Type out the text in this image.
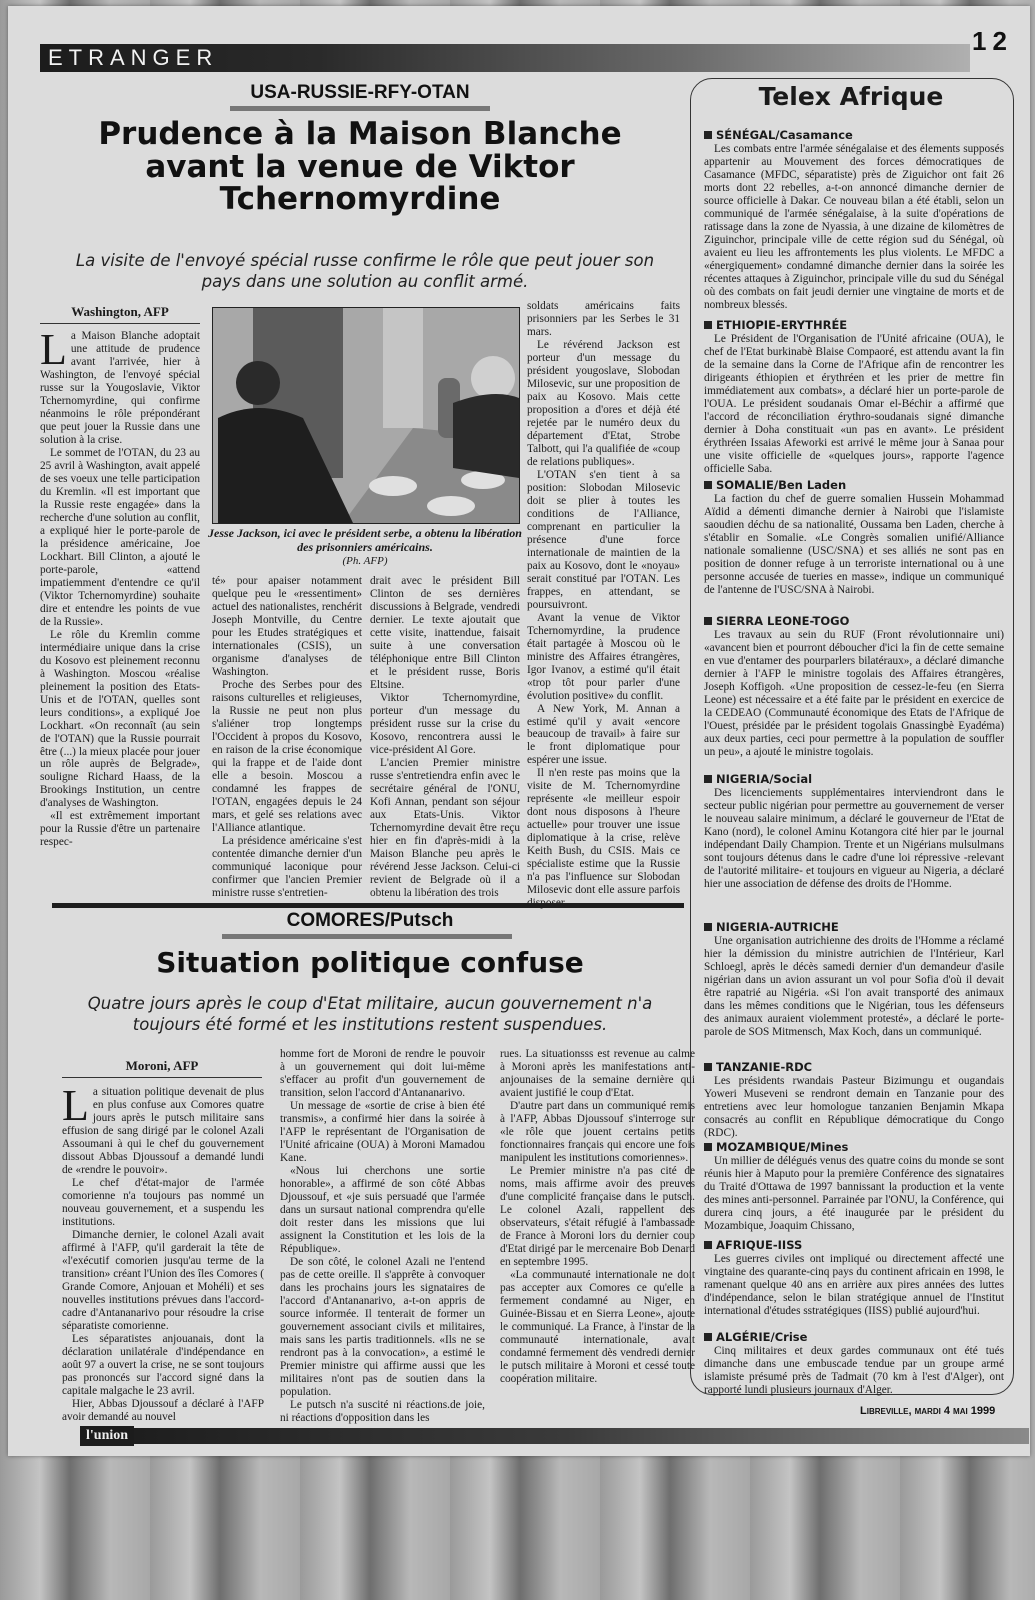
ETRANGER
12
USA-RUSSIE-RFY-OTAN
Prudence à la Maison Blanche avant la venue de Viktor Tchernomyrdine
La visite de l'envoyé spécial russe confirme le rôle que peut jouer son pays dans une solution au conflit armé.
Washington, AFP

La Maison Blanche adoptait une attitude de prudence avant l'arrivée, hier à Washington, de l'envoyé spécial russe sur la Yougoslavie, Viktor Tchernomyrdine, qui confirme néanmoins le rôle prépondérant que peut jouer la Russie dans une solution à la crise.

Le sommet de l'OTAN, du 23 au 25 avril à Washington, avait appelé de ses voeux une telle participation du Kremlin. «Il est important que la Russie reste engagée» dans la recherche d'une solution au conflit, a expliqué hier le porte-parole de la présidence américaine, Joe Lockhart. Bill Clinton, a ajouté le porte-parole, «attend impatiemment d'entendre ce qu'il (Viktor Tchernomyrdine) souhaite dire et entendre les points de vue de la Russie».

Le rôle du Kremlin comme intermédiaire unique dans la crise du Kosovo est pleinement reconnu à Washington. Moscou «réalise pleinement la position des Etats-Unis et de l'OTAN, quelles sont leurs conditions», a expliqué Joe Lockhart. «On reconnaît (au sein de l'OTAN) que la Russie pourrait être (...) la mieux placée pour jouer un rôle auprès de Belgrade», souligne Richard Haass, de la Brookings Institution, un centre d'analyses de Washington.

«Il est extrêmement important pour la Russie d'être un partenaire respec-

Jesse Jackson, ici avec le président serbe, a obtenu la libération des prisonniers américains.
(Ph. AFP)

té» pour apaiser notamment quelque peu le «ressentiment» actuel des nationalistes, renchérit Joseph Montville, du Centre pour les Etudes stratégiques et internationales (CSIS), un organisme d'analyses de Washington.

Proche des Serbes pour des raisons culturelles et religieuses, la Russie ne peut non plus s'aliéner trop longtemps l'Occident à propos du Kosovo, en raison de la crise économique qui la frappe et de l'aide dont elle a besoin. Moscou a condamné les frappes de l'OTAN, engagées depuis le 24 mars, et gelé ses relations avec l'Alliance atlantique.

La présidence américaine s'est contentée dimanche dernier d'un communiqué laconique pour confirmer que l'ancien Premier ministre russe s'entretien-

drait avec le président Bill Clinton de ses dernières discussions à Belgrade, vendredi dernier. Le texte ajoutait que cette visite, inattendue, faisait suite à une conversation téléphonique entre Bill Clinton et le président russe, Boris Eltsine.

Viktor Tchernomyrdine, porteur d'un message du président russe sur la crise du Kosovo, rencontrera aussi le vice-président Al Gore.

L'ancien Premier ministre russe s'entretiendra enfin avec le secrétaire général de l'ONU, Kofi Annan, pendant son séjour aux Etats-Unis. Viktor Tchernomyrdine devait être reçu hier en fin d'après-midi à la Maison Blanche peu après le révérend Jesse Jackson. Celui-ci revient de Belgrade où il a obtenu la libération des trois

soldats américains faits prisonniers par les Serbes le 31 mars.

Le révérend Jackson est porteur d'un message du président yougoslave, Slobodan Milosevic, sur une proposition de paix au Kosovo. Mais cette proposition a d'ores et déjà été rejetée par le numéro deux du département d'Etat, Strobe Talbott, qui l'a qualifiée de «coup de relations publiques».

L'OTAN s'en tient à sa position: Slobodan Milosevic doit se plier à toutes les conditions de l'Alliance, comprenant en particulier la présence d'une force internationale de maintien de la paix au Kosovo, dont le «noyau» serait constitué par l'OTAN. Les frappes, en attendant, se poursuivront.

Avant la venue de Viktor Tchernomyrdine, la prudence était partagée à Moscou où le ministre des Affaires étrangères, Igor Ivanov, a estimé qu'il était «trop tôt pour parler d'une évolution positive» du conflit.

A New York, M. Annan a estimé qu'il y avait «encore beaucoup de travail» à faire sur le front diplomatique pour espérer une issue.

Il n'en reste pas moins que la visite de M. Tchernomyrdine représente «le meilleur espoir dont nous disposons à l'heure actuelle» pour trouver une issue diplomatique à la crise, relève Keith Bush, du CSIS. Mais ce spécialiste estime que la Russie n'a pas l'influence sur Slobodan Milosevic dont elle assure parfois

COMORES/Putsch
Situation politique confuse
Quatre jours après le coup d'Etat militaire, aucun gouvernement n'a toujours été formé et les institutions restent suspendues.
Moroni, AFP

La situation politique devenait de plus en plus confuse aux Comores quatre jours après le putsch militaire sans effusion de sang dirigé par le colonel Azali Assoumani à qui le chef du gouvernement dissout Abbas Djoussouf a demandé lundi de «rendre le pouvoir».

Le chef d'état-major de l'armée comorienne n'a toujours pas nommé un nouveau gouvernement, et a suspendu les institutions.

Dimanche dernier, le colonel Azali avait affirmé à l'AFP, qu'il garderait la tête de «l'exécutif comorien jusqu'au terme de la transition» créant l'Union des îles Comores ( Grande Comore, Anjouan et Mohéli) et ses nouvelles institutions prévues dans l'accord-cadre d'Antananarivo pour résoudre la crise séparatiste comorienne.

Les séparatistes anjouanais, dont la déclaration unilatérale d'indépendance en août 97 a ouvert la crise, ne se sont toujours pas prononcés sur l'accord signé dans la capitale malgache le 23 avril.

Hier, Abbas Djoussouf a déclaré à l'AFP avoir demandé au nouvel

homme fort de Moroni de rendre le pouvoir à un gouvernement qui doit lui-même s'effacer au profit d'un gouvernement de transition, selon l'accord d'Antananarivo.

Un message de «sortie de crise à bien été transmis», a confirmé hier dans la soirée à l'AFP le représentant de l'Organisation de l'Unité africaine (OUA) à Moroni Mamadou Kane.

«Nous lui cherchons une sortie honorable», a affirmé de son côté Abbas Djoussouf, et «je suis persuadé que l'armée dans un sursaut national comprendra qu'elle doit rester dans les missions que lui assignent la Constitution et les lois de la République».

De son côté, le colonel Azali ne l'entend pas de cette oreille. Il s'apprête à convoquer dans les prochains jours les signataires de l'accord d'Antananarivo, a-t-on appris de source informée. Il tenterait de former un gouvernement associant civils et militaires, mais sans les partis traditionnels. «Ils ne se rendront pas à la convocation», a estimé le Premier ministre qui affirme aussi que les militaires n'ont pas de soutien dans la population.

Le putsch n'a suscité ni réactions.de joie, ni réactions d'opposition dans les

rues. La situationsss est revenue au calme à Moroni après les manifestations anti-anjounaises de la semaine dernière qui avaient justifié le coup d'Etat.

D'autre part dans un communiqué remis à l'AFP, Abbas Djoussouf s'interroge sur «le rôle que jouent certains petits fonctionnaires français qui encore une fois manipulent les institutions comoriennes».

Le Premier ministre n'a pas cité de noms, mais affirme avoir des preuves d'une complicité française dans le putsch. Le colonel Azali, rappellent des observateurs, s'était réfugié à l'ambassade de France à Moroni lors du dernier coup d'Etat dirigé par le mercenaire Bob Denard en septembre 1995.

«La communauté internationale ne doit pas accepter aux Comores ce qu'elle a fermement condamné au Niger, en Guinée-Bissau et en Sierra Leone», ajoute le communiqué. La France, à l'instar de la communauté internationale, avait condamné fermement dès vendredi dernier le putsch militaire à Moroni et cessé toute coopération militaire.

Telex Afrique

SÉNÉGAL/Casamance

Les combats entre l'armée sénégalaise et des élements supposés appartenir au Mouvement des forces démocratiques de Casamance (MFDC, séparatiste) près de Ziguichor ont fait 26 morts dont 22 rebelles, a-t-on annoncé dimanche dernier de source officielle à Dakar. Ce nouveau bilan a été établi, selon un communiqué de l'armée sénégalaise, à la suite d'opérations de ratissage dans la zone de Nyassia, à une dizaine de kilomètres de Ziguinchor, principale ville de cette région sud du Sénégal, où avaient eu lieu les affrontements les plus violents. Le MFDC a «énergiquement» condamné dimanche dernier dans la soirée les récentes attaques à Ziguinchor, principale ville du sud du Sénégal où des combats on fait jeudi dernier une vingtaine de morts et de nombreux blessés.

ETHIOPIE-ERYTHRÉE

Le Président de l'Organisation de l'Unité africaine (OUA), le chef de l'Etat burkinabè Blaise Compaoré, est attendu avant la fin de la semaine dans la Corne de l'Afrique afin de rencontrer les dirigeants éthiopien et érythréen et les prier de mettre fin immédiatement aux combats», a déclaré hier un porte-parole de l'OUA. Le président soudanais Omar el-Béchir a affirmé que l'accord de réconciliation érythro-soudanais signé dimanche dernier à Doha constituait «un pas en avant». Le président érythréen Issaias Afeworki est arrivé le même jour à Sanaa pour une visite officielle de «quelques jours», rapporte l'agence officielle Saba.

SOMALIE/Ben Laden

La faction du chef de guerre somalien Hussein Mohammad Aïdid a démenti dimanche dernier à Nairobi que l'islamiste saoudien déchu de sa nationalité, Oussama ben Laden, cherche à s'établir en Somalie. «Le Congrès somalien unifié/Alliance nationale somalienne (USC/SNA) et ses alliés ne sont pas en position de donner refuge à un terroriste international ou à une personne accusée de tueries en masse», indique un communiqué de l'antenne de l'USC/SNA à Nairobi.

SIERRA LEONE-TOGO

Les travaux au sein du RUF (Front révolutionnaire uni) «avancent bien et pourront déboucher d'ici la fin de cette semaine en vue d'entamer des pourparlers bilatéraux», a déclaré dimanche dernier à l'AFP le ministre togolais des Affaires étrangères, Joseph Koffigoh. «Une proposition de cessez-le-feu (en Sierra Leone) est nécessaire et a été faite par le président en exercice de la CEDEAO (Communauté économique des Etats de l'Afrique de l'Ouest, présidée par le président togolais Gnassingbè Eyadéma) aux deux parties, ceci pour permettre à la population de souffler un peu», a ajouté le ministre togolais.

NIGERIA/Social

Des licenciements supplémentaires interviendront dans le secteur public nigérian pour permettre au gouvernement de verser le nouveau salaire minimum, a déclaré le gouverneur de l'Etat de Kano (nord), le colonel Aminu Kotangora cité hier par le journal indépendant Daily Champion. Trente et un Nigérians mulsulmans sont toujours détenus dans le cadre d'une loi répressive -relevant de l'autorité militaire- et toujours en vigueur au Nigeria, a déclaré hier une association de défense des droits de l'Homme.

NIGERIA-AUTRICHE

Une organisation autrichienne des droits de l'Homme a réclamé hier la démission du ministre autrichien de l'Intérieur, Karl Schloegl, après le décès samedi dernier d'un demandeur d'asile nigérian dans un avion assurant un vol pour Sofia d'où il devait être rapatrié au Nigéria. «Si l'on avait transporté des animaux dans les mêmes conditions que le Nigérian, tous les défenseurs des animaux auraient violemment protesté», a déclaré le porte-parole de SOS Mitmensch, Max Koch, dans un communiqué.

TANZANIE-RDC

Les présidents rwandais Pasteur Bizimungu et ougandais Yoweri Museveni se rendront demain en Tanzanie pour des entretiens avec leur homologue tanzanien Benjamin Mkapa consacrés au conflit en République démocratique du Congo (RDC).

MOZAMBIQUE/Mines

Un millier de délégués venus des quatre coins du monde se sont réunis hier à Maputo pour la première Conférence des signataires du Traité d'Ottawa de 1997 bannissant la production et la vente des mines anti-personnel. Parrainée par l'ONU, la Conférence, qui durera cinq jours, a été inaugurée par le président du Mozambique, Joaquim Chissano,

AFRIQUE-IISS

Les guerres civiles ont impliqué ou directement affecté une vingtaine des quarante-cinq pays du continent africain en 1998, le ramenant quelque 40 ans en arrière aux pires années des luttes d'indépendance, selon le bilan stratégique annuel de l'Institut international d'études sstratégiques (IISS) publié aujourd'hui.

ALGÉRIE/Crise

Cinq militaires et deux gardes communaux ont été tués dimanche dans une embuscade tendue par un groupe armé islamiste présumé près de Tadmait (70 km à l'est d'Alger), ont rapporté lundi plusieurs journaux d'Alger.

Libreville, mardi 4 mai 1999
l'union
